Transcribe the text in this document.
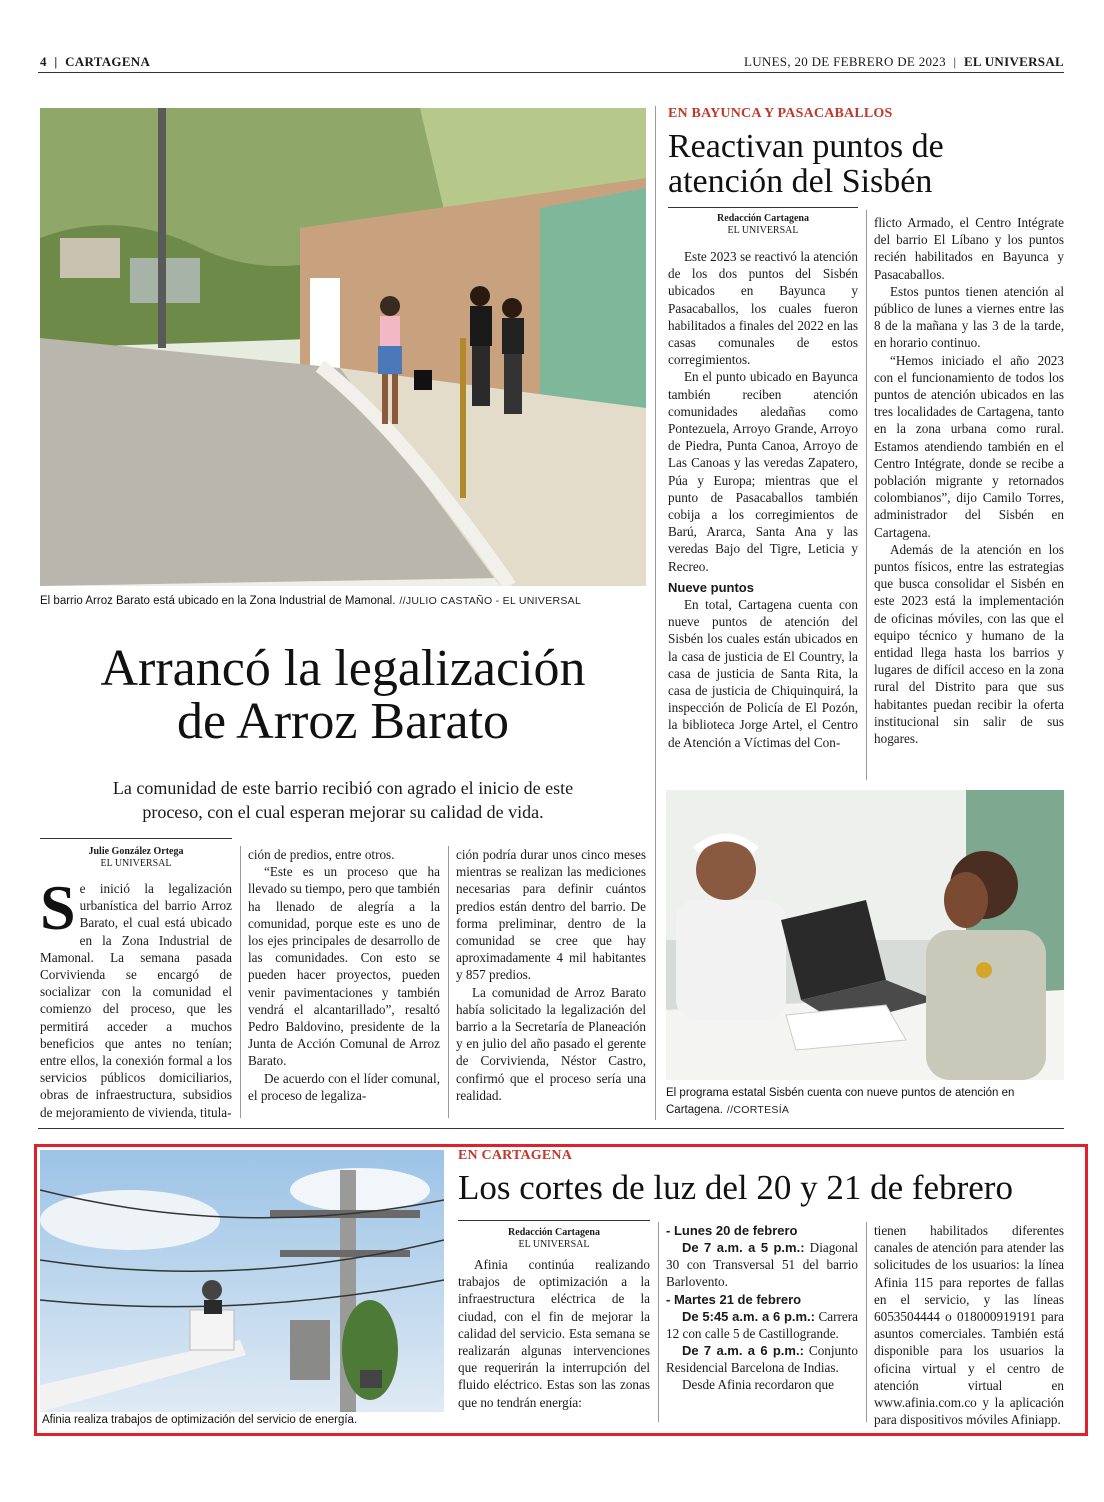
4 | CARTAGENA	LUNES, 20 DE FEBRERO DE 2023 | EL UNIVERSAL
El barrio Arroz Barato está ubicado en la Zona Industrial de Mamonal. //JULIO CASTAÑO - EL UNIVERSAL
Arrancó la legalización
de Arroz Barato
La comunidad de este barrio recibió con agrado el inicio de este
proceso, con el cual esperan mejorar su calidad de vida.
Julie González Ortega
EL UNIVERSAL
S e inició la legalización urbanística del barrio Arroz Barato, el cual está ubicado en la Zona Industrial de Mamonal. La semana pasada Corvivienda se encargó de socializar con la comunidad el comienzo del proceso, que les permitirá acceder a muchos beneficios que antes no tenían; entre ellos, la conexión formal a los servicios públicos domiciliarios, obras de infraestructura, subsidios de mejoramiento de vivienda, titula-

ción de predios, entre otros.

“Este es un proceso que ha llevado su tiempo, pero que también ha llenado de alegría a la comunidad, porque este es uno de los ejes principales de desarrollo de las comunidades. Con esto se pueden hacer proyectos, pueden venir pavimentaciones y también vendrá el alcantarillado”, resaltó Pedro Baldovino, presidente de la Junta de Acción Comunal de Arroz Barato.

De acuerdo con el líder comunal, el proceso de legaliza-

ción podría durar unos cinco meses mientras se realizan las mediciones necesarias para definir cuántos predios están dentro del barrio. De forma preliminar, dentro de la comunidad se cree que hay aproximadamente 4 mil habitantes y 857 predios.

La comunidad de Arroz Barato había solicitado la legalización del barrio a la Secretaría de Planeación y en julio del año pasado el gerente de Corvivienda, Néstor Castro, confirmó que el proceso sería una realidad.

EN BAYUNCA Y PASACABALLOS
Reactivan puntos de
atención del Sisbén
Redacción Cartagena
EL UNIVERSAL

Este 2023 se reactivó la atención de los dos puntos del Sisbén ubicados en Bayunca y Pasacaballos, los cuales fueron habilitados a finales del 2022 en las casas comunales de estos corregimientos.

En el punto ubicado en Bayunca también reciben atención comunidades aledañas como Pontezuela, Arroyo Grande, Arroyo de Piedra, Punta Canoa, Arroyo de Las Canoas y las veredas Zapatero, Púa y Europa; mientras que el punto de Pasacaballos también cobija a los corregimientos de Barú, Ararca, Santa Ana y las veredas Bajo del Tigre, Leticia y Recreo.

Nueve puntos

En total, Cartagena cuenta con nueve puntos de atención del Sisbén los cuales están ubicados en la casa de justicia de El Country, la casa de justicia de Santa Rita, la casa de justicia de Chiquinquirá, la inspección de Policía de El Pozón, la biblioteca Jorge Artel, el Centro de Atención a Víctimas del Con-

flicto Armado, el Centro Intégrate del barrio El Líbano y los puntos recién habilitados en Bayunca y Pasacaballos.

Estos puntos tienen atención al público de lunes a viernes entre las 8 de la mañana y las 3 de la tarde, en horario continuo.

“Hemos iniciado el año 2023 con el funcionamiento de todos los puntos de atención ubicados en las tres localidades de Cartagena, tanto en la zona urbana como rural. Estamos atendiendo también en el Centro Intégrate, donde se recibe a población migrante y retornados colombianos”, dijo Camilo Torres, administrador del Sisbén en Cartagena.

Además de la atención en los puntos físicos, entre las estrategias que busca consolidar el Sisbén en este 2023 está la implementación de oficinas móviles, con las que el equipo técnico y humano de la entidad llega hasta los barrios y lugares de difícil acceso en la zona rural del Distrito para que sus habitantes puedan recibir la oferta institucional sin salir de sus hogares.

El programa estatal Sisbén cuenta con nueve puntos de atención en Cartagena. //CORTESÍA
Afinia realiza trabajos de optimización del servicio de energía.
EN CARTAGENA
Los cortes de luz del 20 y 21 de febrero
Redacción Cartagena
EL UNIVERSAL

Afinia continúa realizando trabajos de optimización a la infraestructura eléctrica de la ciudad, con el fin de mejorar la calidad del servicio. Esta semana se realizarán algunas intervenciones que requerirán la interrupción del fluido eléctrico. Estas son las zonas que no tendrán energía:

- Lunes 20 de febrero

De 7 a.m. a 5 p.m.: Diagonal 30 con Transversal 51 del barrio Barlovento.

- Martes 21 de febrero

De 5:45 a.m. a 6 p.m.: Carrera 12 con calle 5 de Castillogrande.

De 7 a.m. a 6 p.m.: Conjunto Residencial Barcelona de Indias.

Desde Afinia recordaron que

tienen habilitados diferentes canales de atención para atender las solicitudes de los usuarios: la línea Afinia 115 para reportes de fallas en el servicio, y las líneas 6053504444 o 018000919191 para asuntos comerciales. También está disponible para los usuarios la oficina virtual y el centro de atención virtual en www.afinia.com.co y la aplicación para dispositivos móviles Afiniapp.
